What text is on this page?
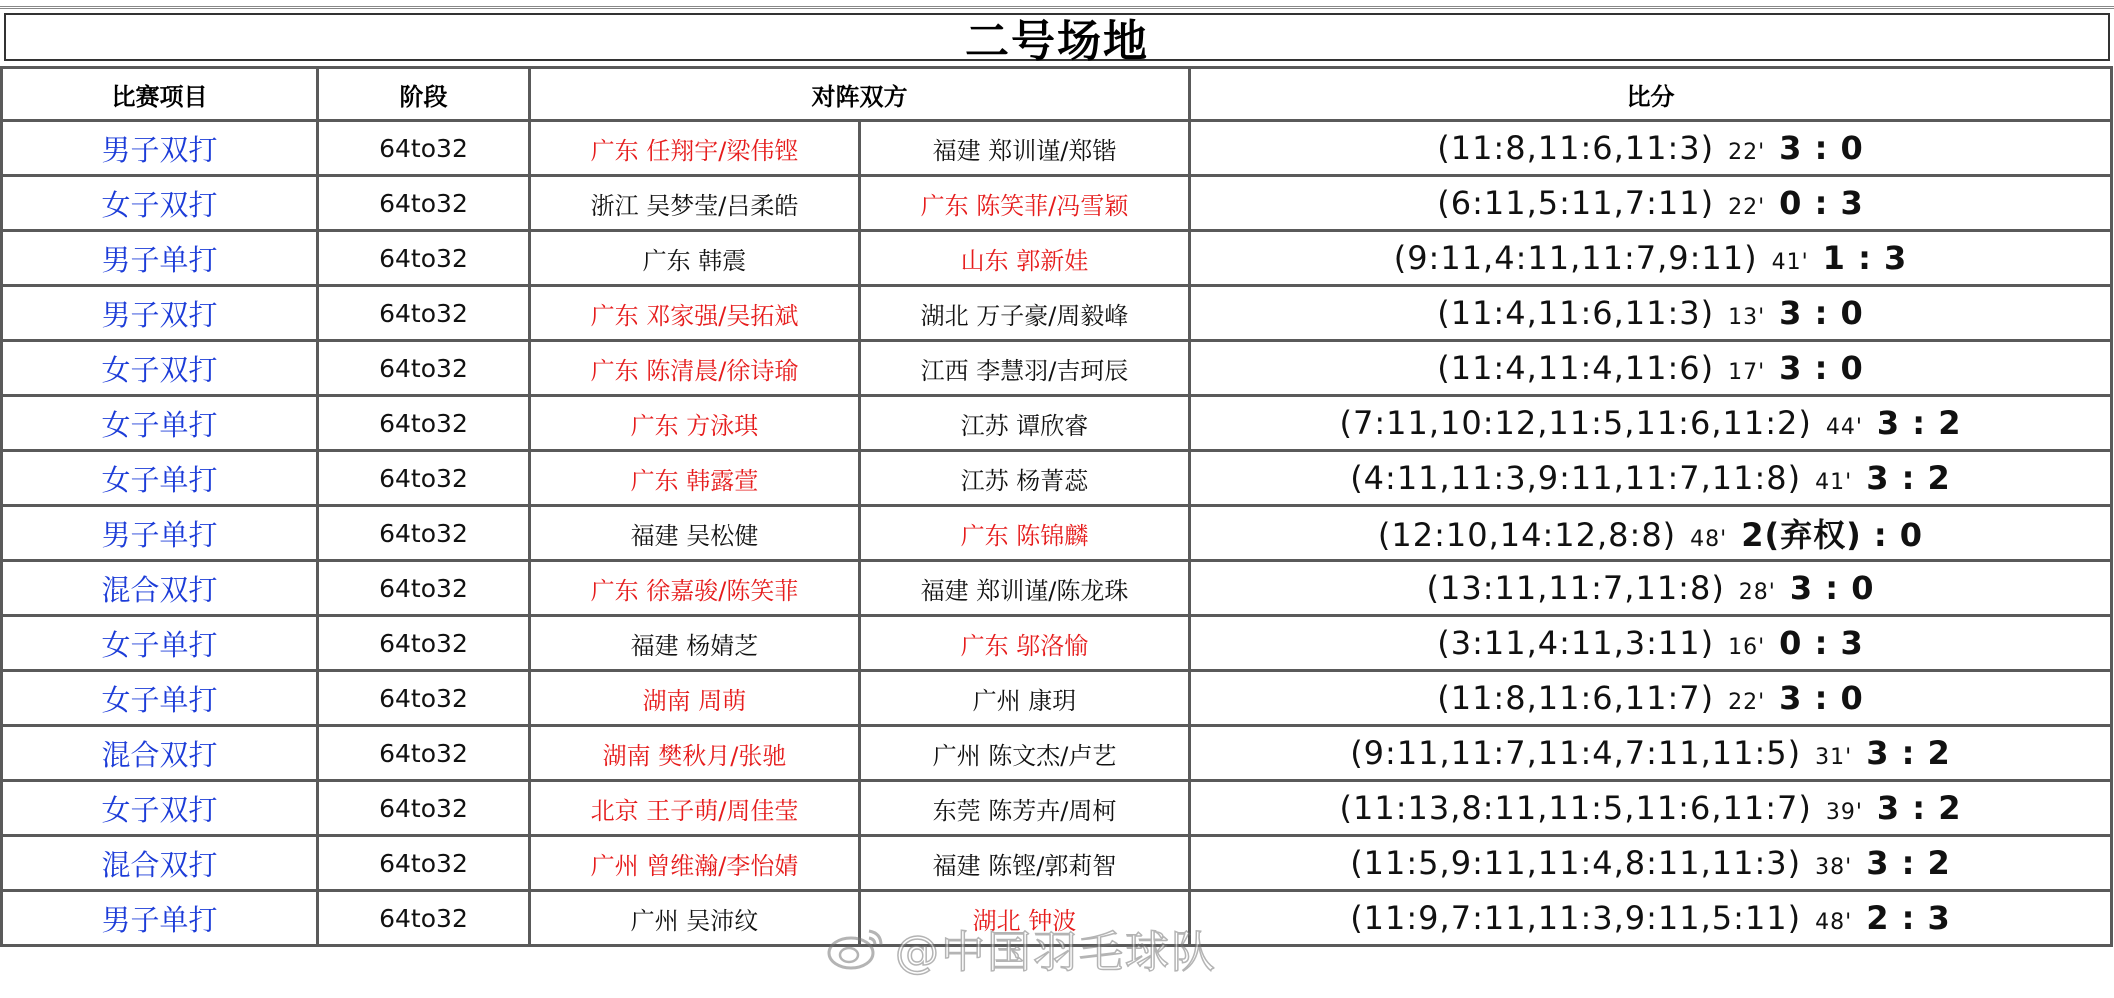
二号场地
比赛项目	阶段	对阵双方		比分
男子双打	64to32	广东 任翔宇/梁伟铿	福建 郑训谨/郑锴	(11:8,11:6,11:3) 22' 3 : 0
女子双打	64to32	浙江 吴梦莹/吕柔皓	广东 陈笑菲/冯雪颖	(6:11,5:11,7:11) 22' 0 : 3
男子单打	64to32	广东 韩震	山东 郭新娃	(9:11,4:11,11:7,9:11) 41' 1 : 3
男子双打	64to32	广东 邓家强/吴拓斌	湖北 万子豪/周毅峰	(11:4,11:6,11:3) 13' 3 : 0
女子双打	64to32	广东 陈清晨/徐诗瑜	江西 李慧羽/吉珂辰	(11:4,11:4,11:6) 17' 3 : 0
女子单打	64to32	广东 方泳琪	江苏 谭欣睿	(7:11,10:12,11:5,11:6,11:2) 44' 3 : 2
女子单打	64to32	广东 韩露萱	江苏 杨菁蕊	(4:11,11:3,9:11,11:7,11:8) 41' 3 : 2
男子单打	64to32	福建 吴松健	广东 陈锦麟	(12:10,14:12,8:8) 48' 2(弃权) : 0
混合双打	64to32	广东 徐嘉骏/陈笑菲	福建 郑训谨/陈龙珠	(13:11,11:7,11:8) 28' 3 : 0
女子单打	64to32	福建 杨婧芝	广东 邬洛愉	(3:11,4:11,3:11) 16' 0 : 3
女子单打	64to32	湖南 周萌	广州 康玥	(11:8,11:6,11:7) 22' 3 : 0
混合双打	64to32	湖南 樊秋月/张驰	广州 陈文杰/卢艺	(9:11,11:7,11:4,7:11,11:5) 31' 3 : 2
女子双打	64to32	北京 王子萌/周佳莹	东莞 陈芳卉/周柯	(11:13,8:11,11:5,11:6,11:7) 39' 3 : 2
混合双打	64to32	广州 曾维瀚/李怡婧	福建 陈铿/郭莉智	(11:5,9:11,11:4,8:11,11:3) 38' 3 : 2
男子单打	64to32	广州 吴沛纹	湖北 钟波	(11:9,7:11,11:3,9:11,5:11) 48' 2 : 3
@中国羽毛球队
